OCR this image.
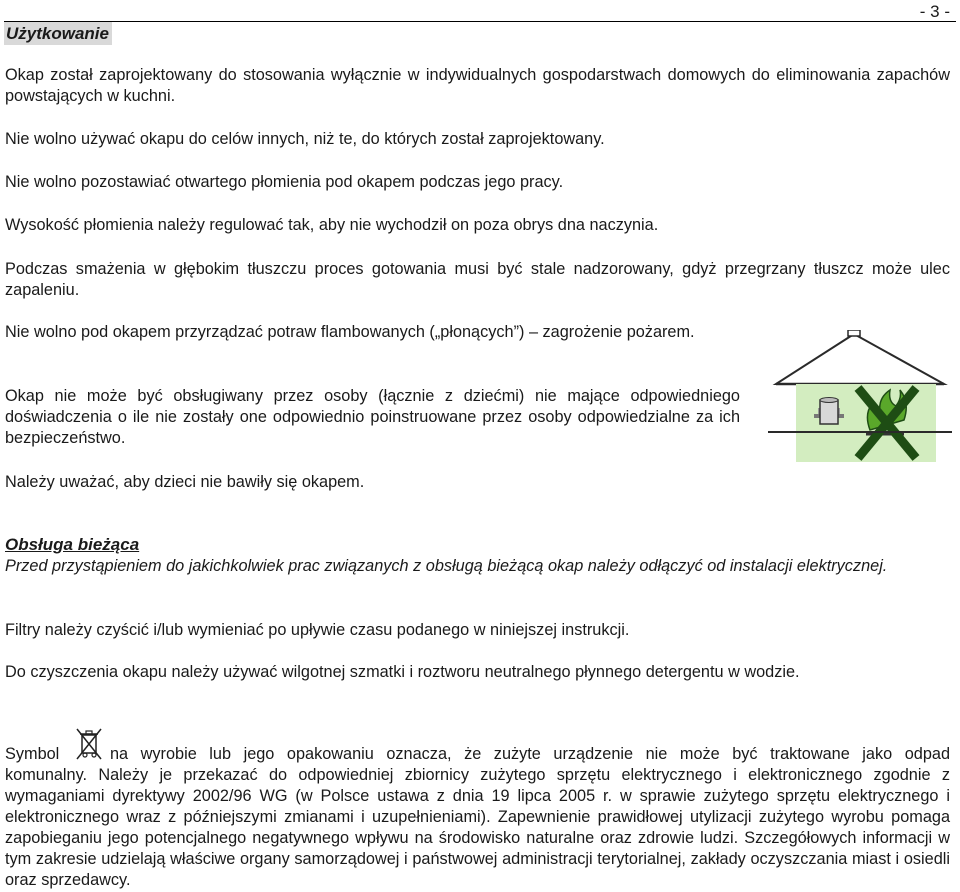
- 3 -
Użytkowanie
Okap został zaprojektowany do stosowania wyłącznie w indywidualnych gospodarstwach domowych do eliminowania zapachów powstających w kuchni.
Nie wolno używać okapu do celów innych, niż te, do których został zaprojektowany.
Nie wolno pozostawiać otwartego płomienia pod okapem podczas jego pracy.
Wysokość płomienia należy regulować tak, aby nie wychodził on poza obrys dna naczynia.
Podczas smażenia w głębokim tłuszczu proces gotowania musi być stale nadzorowany, gdyż przegrzany tłuszcz może ulec zapaleniu.
Nie wolno pod okapem przyrządzać potraw flambowanych („płonących”) – zagrożenie pożarem.
Okap nie może być obsługiwany przez osoby (łącznie z dziećmi) nie mające odpowiedniego doświadczenia o ile nie zostały one odpowiednio poinstruowane przez osoby odpowiedzialne za ich bezpieczeństwo.
Należy uważać, aby dzieci nie bawiły się okapem.
Obsługa bieżąca
Przed przystąpieniem do jakichkolwiek prac związanych z obsługą bieżącą okap należy odłączyć od instalacji elektrycznej.
Filtry należy czyścić i/lub wymieniać po upływie czasu podanego w niniejszej instrukcji.
Do czyszczenia okapu należy używać wilgotnej szmatki i roztworu neutralnego płynnego detergentu w wodzie.
Symbol	na wyrobie lub jego opakowaniu oznacza, że zużyte urządzenie nie może być traktowane jako odpad
komunalny. Należy je przekazać do odpowiedniej zbiornicy zużytego sprzętu elektrycznego i elektronicznego zgodnie z wymaganiami dyrektywy 2002/96 WG (w Polsce ustawa z dnia 19 lipca 2005 r. w sprawie zużytego sprzętu elektrycznego i elektronicznego wraz z późniejszymi zmianami i uzupełnieniami). Zapewnienie prawidłowej utylizacji zużytego wyrobu pomaga zapobieganiu jego potencjalnego negatywnego wpływu na środowisko naturalne oraz zdrowie ludzi. Szczegółowych informacji w tym zakresie udzielają właściwe organy samorządowej i państwowej administracji terytorialnej, zakłady oczyszczania miast i osiedli oraz sprzedawcy.
